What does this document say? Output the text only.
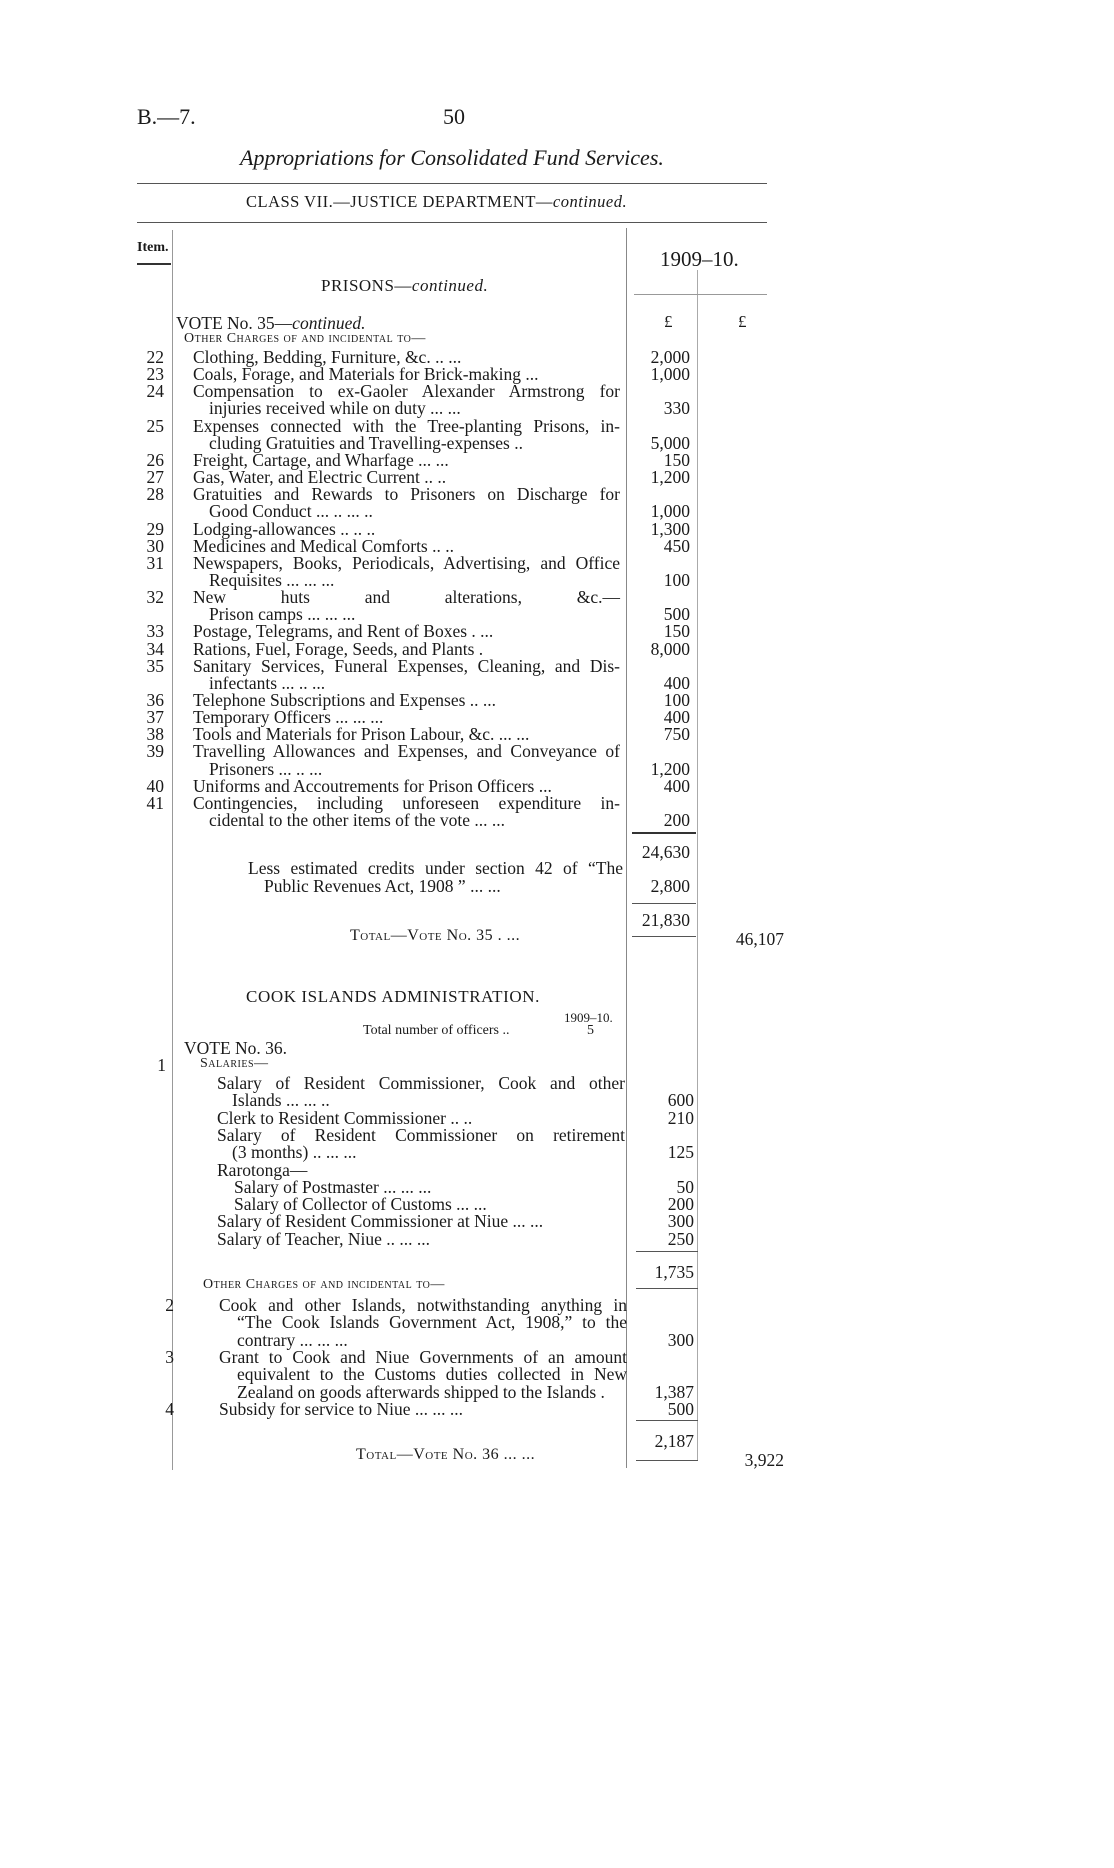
B.—7.	50
Appropriations for Consolidated Fund Services.
CLASS VII.—JUSTICE DEPARTMENT—continued.
Item.	1909–10.
£	£
PRISONS—continued.
VOTE No. 35—continued.
Other Charges of and incidental to—
22 Clothing, Bedding, Furniture, &c. .. ...	2,000
23 Coals, Forage, and Materials for Brick-making ...	1,000
24 Compensation to ex-Gaoler Alexander Armstrong for
injuries received while on duty ... ...	330
25 Expenses connected with the Tree-planting Prisons, in-
cluding Gratuities and Travelling-expenses ..	5,000
26 Freight, Cartage, and Wharfage ... ...	150
27 Gas, Water, and Electric Current .. ..	1,200
28 Gratuities and Rewards to Prisoners on Discharge for
Good Conduct ... .. ... ..	1,000
29 Lodging-allowances .. .. ..	1,300
30 Medicines and Medical Comforts .. ..	450
31 Newspapers, Books, Periodicals, Advertising, and Office
Requisites ... ... ...	100
32 New huts and alterations, &c.—
Prison camps ... ... ...	500
33 Postage, Telegrams, and Rent of Boxes . ...	150
34 Rations, Fuel, Forage, Seeds, and Plants .	8,000
35 Sanitary Services, Funeral Expenses, Cleaning, and Dis-
infectants ... .. ...	400
36 Telephone Subscriptions and Expenses .. ...	100
37 Temporary Officers ... ... ...	400
38 Tools and Materials for Prison Labour, &c. ... ...	750
39 Travelling Allowances and Expenses, and Conveyance of
Prisoners ... .. ...	1,200
40 Uniforms and Accoutrements for Prison Officers ...	400
41 Contingencies, including unforeseen expenditure in-
cidental to the other items of the vote ... ...	200
24,630
Less estimated credits under section 42 of “The
Public Revenues Act, 1908 ” ... ...	2,800
21,830
Total—Vote No. 35 . ...	46,107
COOK ISLANDS ADMINISTRATION.
1909–10.
Total number of officers ..	5
VOTE No. 36.
1 Salaries—
Salary of Resident Commissioner, Cook and other
Islands ... ... ..	600
Clerk to Resident Commissioner .. ..	210
Salary of Resident Commissioner on retirement
(3 months) .. ... ...	125
Rarotonga—
Salary of Postmaster ... ... ...	50
Salary of Collector of Customs ... ...	200
Salary of Resident Commissioner at Niue ... ...	300
Salary of Teacher, Niue .. ... ...	250
1,735
Other Charges of and incidental to—
2	Cook and other Islands, notwithstanding anything in
“The Cook Islands Government Act, 1908,” to the
contrary ... ... ...	300
3	Grant to Cook and Niue Governments of an amount
equivalent to the Customs duties collected in New
Zealand on goods afterwards shipped to the Islands .	1,387
4	Subsidy for service to Niue ... ... ...	500
2,187
Total—Vote No. 36 ... ...	3,922
